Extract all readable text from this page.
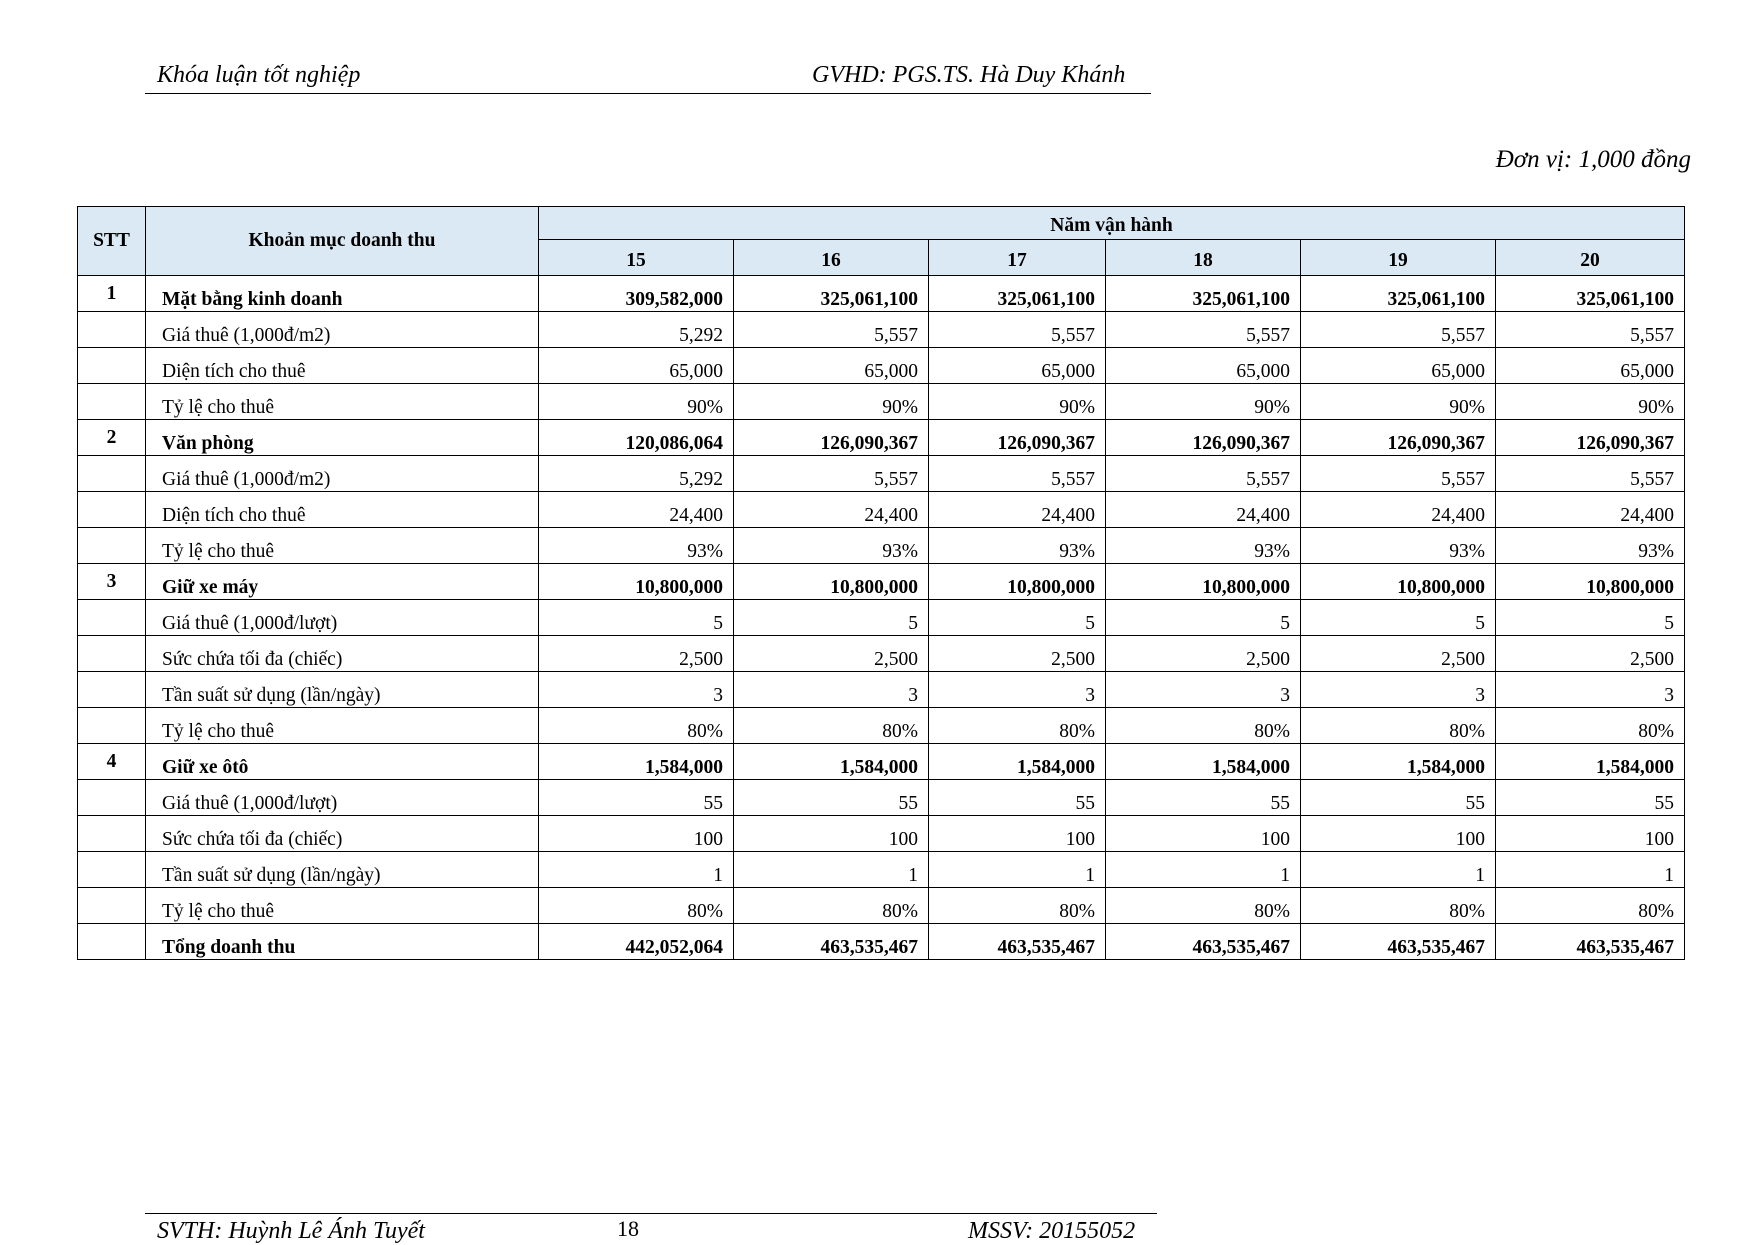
Khóa luận tốt nghiệp	GVHD: PGS.TS. Hà Duy Khánh
Đơn vị: 1,000 đồng
STT	Khoản mục doanh thu	Năm vận hành					
		15	16	17	18	19	20
1	Mặt bằng kinh doanh	309,582,000	325,061,100	325,061,100	325,061,100	325,061,100	325,061,100
	Giá thuê (1,000đ/m2)	5,292	5,557	5,557	5,557	5,557	5,557
	Diện tích cho thuê	65,000	65,000	65,000	65,000	65,000	65,000
	Tỷ lệ cho thuê	90%	90%	90%	90%	90%	90%
2	Văn phòng	120,086,064	126,090,367	126,090,367	126,090,367	126,090,367	126,090,367
	Giá thuê (1,000đ/m2)	5,292	5,557	5,557	5,557	5,557	5,557
	Diện tích cho thuê	24,400	24,400	24,400	24,400	24,400	24,400
	Tỷ lệ cho thuê	93%	93%	93%	93%	93%	93%
3	Giữ xe máy	10,800,000	10,800,000	10,800,000	10,800,000	10,800,000	10,800,000
	Giá thuê (1,000đ/lượt)	5	5	5	5	5	5
	Sức chứa tối đa (chiếc)	2,500	2,500	2,500	2,500	2,500	2,500
	Tần suất sử dụng (lần/ngày)	3	3	3	3	3	3
	Tỷ lệ cho thuê	80%	80%	80%	80%	80%	80%
4	Giữ xe ôtô	1,584,000	1,584,000	1,584,000	1,584,000	1,584,000	1,584,000
	Giá thuê (1,000đ/lượt)	55	55	55	55	55	55
	Sức chứa tối đa (chiếc)	100	100	100	100	100	100
	Tần suất sử dụng (lần/ngày)	1	1	1	1	1	1
	Tỷ lệ cho thuê	80%	80%	80%	80%	80%	80%
	Tổng doanh thu	442,052,064	463,535,467	463,535,467	463,535,467	463,535,467	463,535,467
SVTH: Huỳnh Lê Ánh Tuyết	18	MSSV: 20155052
